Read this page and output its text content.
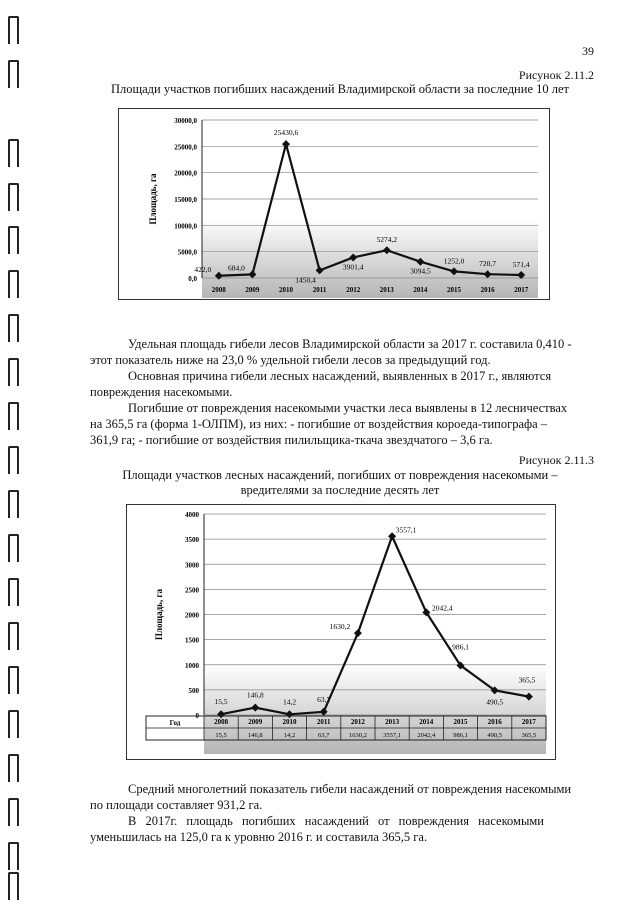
39
Рисунок 2.11.2
Площади участков погибших насаждений Владимирской области за последние 10 лет
0,0
5000,0
10000,0
15000,0
20000,0
25000,0
30000,0
Площадь, га
2008	2009	2010	2011	2012	2013	2014	2015	2016	2017
422,0 684,0
25430,6
1450,4
3901,4
5274,2
3094,5
1252,0 720,7 571,4
Удельная площадь гибели лесов Владимирской области за 2017 г. составила 0,410 -
этот показатель ниже на 23,0 % удельной гибели лесов за предыдущий год.
Основная причина гибели лесных насаждений, выявленных в 2017 г., являются
повреждения насекомыми.
Погибшие от повреждения насекомыми участки леса выявлены в 12 лесничествах
на 365,5 га (форма 1-ОЛПМ), из них: - погибшие от воздействия короеда-типографа –
361,9 га; - погибшие от воздействия пилильщика-ткача звездчатого – 3,6 га.
Рисунок 2.11.3
Площади участков лесных насаждений, погибших от повреждения насекомыми –
вредителями за последние десять лет
0
500
1000
1500
2000
2500
3000
3500
4000
Площадь, га
2008	2009	2010	2011	2012	2013	2014	2015	2016	2017
15,5
146,8
14,2	63,7
1630,2
3557,1
2042,4
986,1
490,5
365,5
Год
15,5	146,8	14,2	63,7	1630,2	3557,1	2042,4	986,1	490,5	365,5
Средний многолетний показатель гибели насаждений от повреждения насекомыми
по площади составляет 931,2 га.
В 2017г. площадь погибших насаждений от повреждения насекомыми
уменьшилась на 125,0 га к уровню 2016 г. и составила 365,5 га.
